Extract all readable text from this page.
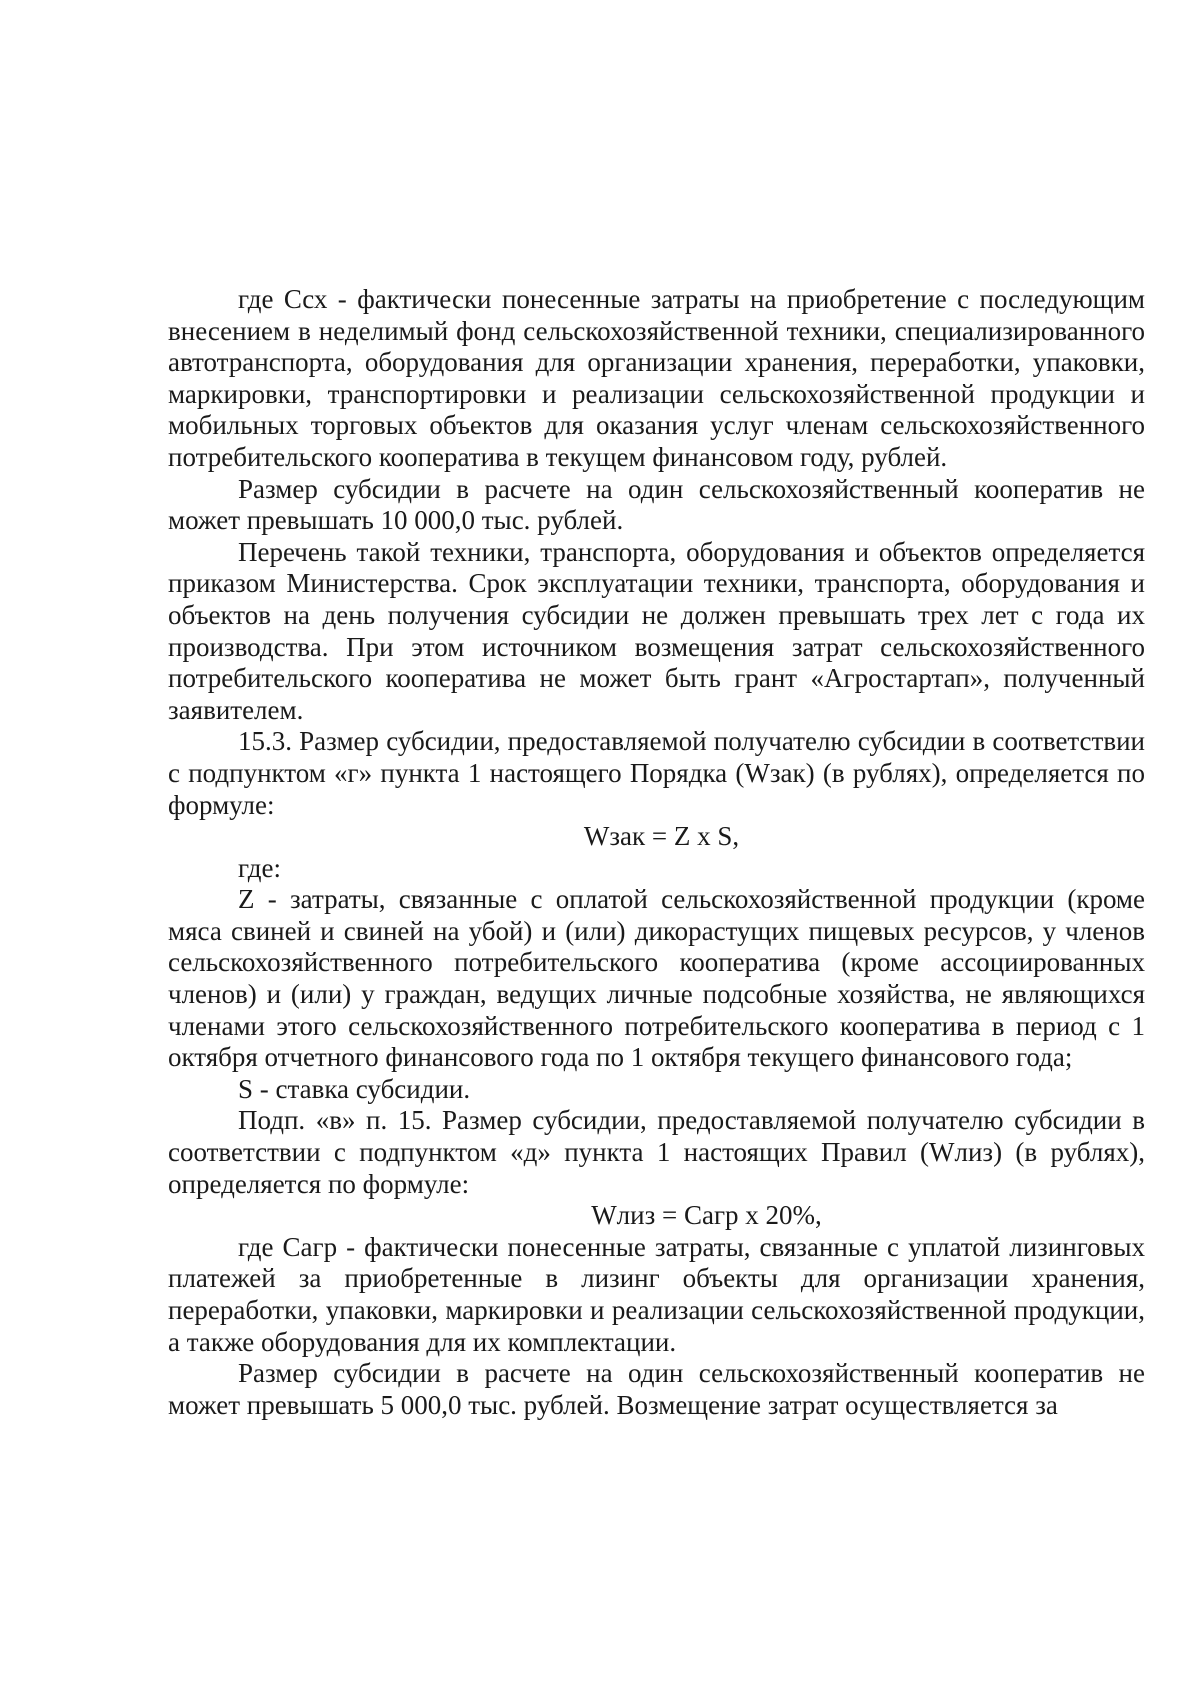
где Ссх - фактически понесенные затраты на приобретение с последующим внесением в неделимый фонд сельскохозяйственной техники, специализированного автотранспорта, оборудования для организации хранения, переработки, упаковки, маркировки, транспортировки и реализации сельскохозяйственной продукции и мобильных торговых объектов для оказания услуг членам сельскохозяйственного потребительского кооператива в текущем финансовом году, рублей.

Размер субсидии в расчете на один сельскохозяйственный кооператив не может превышать 10 000,0 тыс. рублей.

Перечень такой техники, транспорта, оборудования и объектов определяется приказом Министерства. Срок эксплуатации техники, транспорта, оборудования и объектов на день получения субсидии не должен превышать трех лет с года их производства. При этом источником возмещения затрат сельскохозяйственного потребительского кооператива не может быть грант «Агростартап», полученный заявителем.

15.3. Размер субсидии, предоставляемой получателю субсидии в соответствии с подпунктом «г» пункта 1 настоящего Порядка (Wзак) (в рублях), определяется по формуле:

Wзак = Z x S,

где:

Z - затраты, связанные с оплатой сельскохозяйственной продукции (кроме мяса свиней и свиней на убой) и (или) дикорастущих пищевых ресурсов, у членов сельскохозяйственного потребительского кооператива (кроме ассоциированных членов) и (или) у граждан, ведущих личные подсобные хозяйства, не являющихся членами этого сельскохозяйственного потребительского кооператива в период с 1 октября отчетного финансового года по 1 октября текущего финансового года;

S - ставка субсидии.

Подп. «в» п. 15. Размер субсидии, предоставляемой получателю субсидии в соответствии с подпунктом «д» пункта 1 настоящих Правил (Wлиз) (в рублях), определяется по формуле:

Wлиз = Сагр х 20%,

где Сагр - фактически понесенные затраты, связанные с уплатой лизинговых платежей за приобретенные в лизинг объекты для организации хранения, переработки, упаковки, маркировки и реализации сельскохозяйственной продукции, а также оборудования для их комплектации.

Размер субсидии в расчете на один сельскохозяйственный кооператив не может превышать 5 000,0 тыс. рублей. Возмещение затрат осуществляется за
